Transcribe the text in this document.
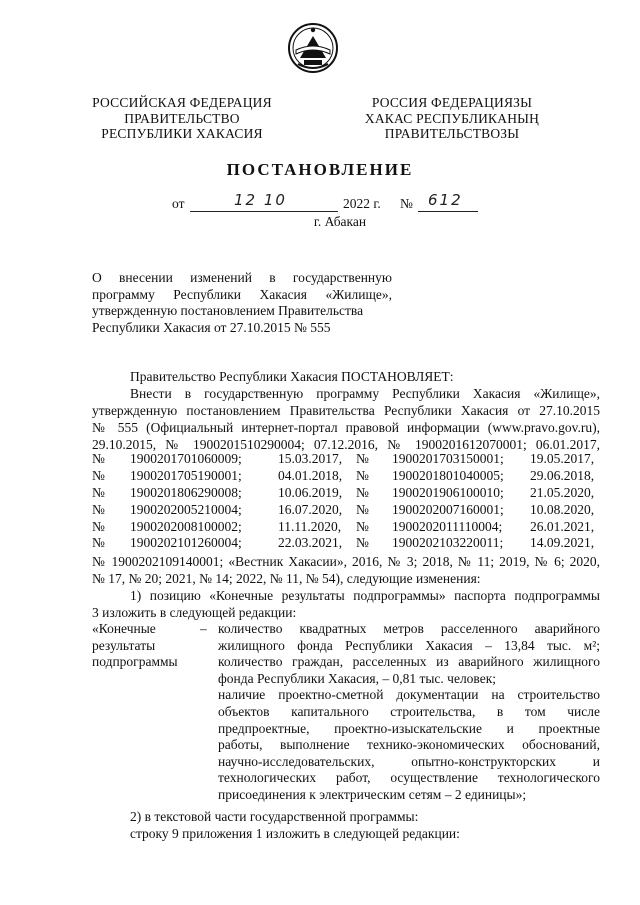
РОССИЙСКАЯ ФЕДЕРАЦИЯ
ПРАВИТЕЛЬСТВО
РЕСПУБЛИКИ ХАКАСИЯ
РОССИЯ ФЕДЕРАЦИЯЗЫ
ХАКАС РЕСПУБЛИКАНЫҢ
ПРАВИТЕЛЬСТВОЗЫ
ПОСТАНОВЛЕНИЕ
от	12 10	2022 г. № 612
г. Абакан
О внесении изменений в государственную
программу Республики Хакасия «Жилище»,
утвержденную постановлением Правительства
Республики Хакасия от 27.10.2015 № 555
Правительство Республики Хакасия ПОСТАНОВЛЯЕТ:
Внести в государственную программу Республики Хакасия «Жилище»,
утвержденную постановлением Правительства Республики Хакасия от 27.10.2015
№ 555 (Официальный интернет-портал правовой информации (www.pravo.gov.ru),
29.10.2015, № 1900201510290004; 07.12.2016, № 1900201612070001; 06.01.2017,
№ 1900201701060009;	15.03.2017, № 1900201703150001; 19.05.2017,
№ 1900201705190001;	04.01.2018, № 1900201801040005; 29.06.2018,
№ 1900201806290008;	10.06.2019, № 1900201906100010; 21.05.2020,
№ 1900202005210004;	16.07.2020, № 1900202007160001; 10.08.2020,
№ 1900202008100002;	11.11.2020, № 1900202011110004; 26.01.2021,
№ 1900202101260004;	22.03.2021, № 1900202103220011; 14.09.2021,
№ 1900202109140001; «Вестник Хакасии», 2016, № 3; 2018, № 11; 2019, № 6; 2020,
№ 17, № 20; 2021, № 14; 2022, № 11, № 54), следующие изменения:
1) позицию «Конечные результаты подпрограммы» паспорта подпрограммы
3 изложить в следующей редакции:
«Конечные
результаты
подпрограммы
– количество квадратных метров расселенного аварийного
жилищного фонда Республики Хакасия – 13,84 тыс. м²;
количество граждан, расселенных из аварийного жилищного
фонда Республики Хакасия, – 0,81 тыс. человек;
наличие проектно-сметной документации на строительство
объектов капитального строительства, в том числе
предпроектные, проектно-изыскательские и проектные
работы, выполнение технико-экономических обоснований,
научно-исследовательских, опытно-конструкторских и
технологических работ, осуществление технологического
присоединения к электрическим сетям – 2 единицы»;
2) в текстовой части государственной программы:
строку 9 приложения 1 изложить в следующей редакции:
